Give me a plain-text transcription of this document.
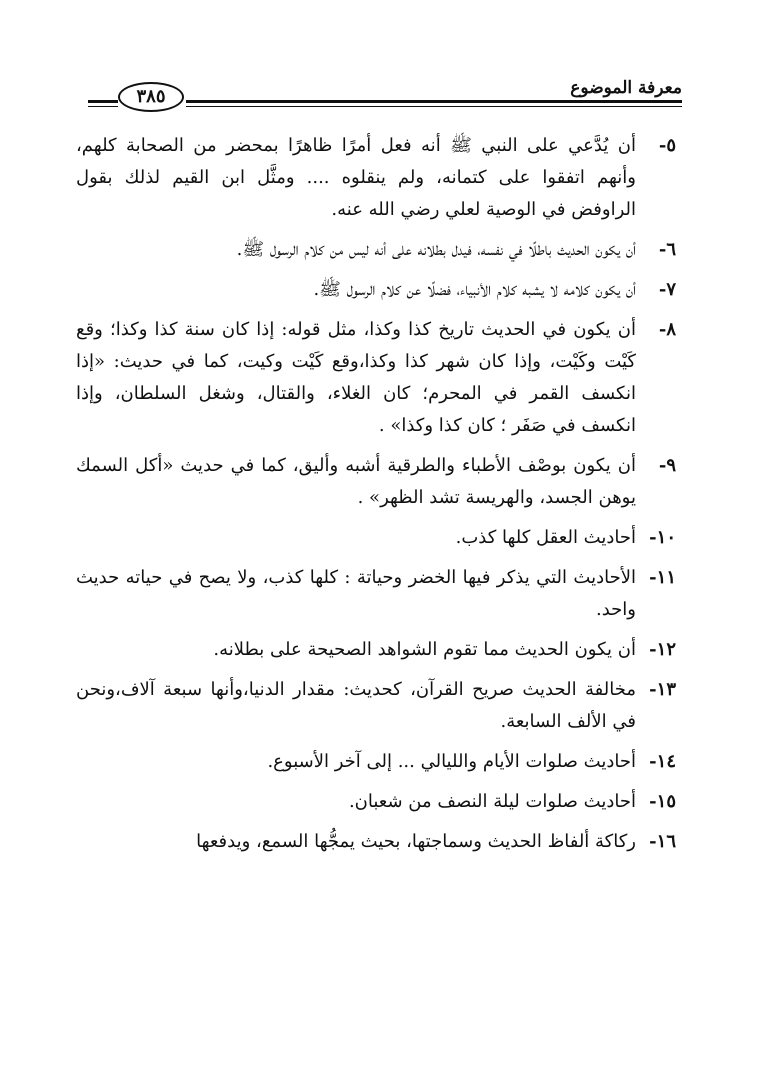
٣٨٥	معرفة الموضوع
٥-
أن يُدَّعي على النبي ﷺ أنه فعل أمرًا ظاهرًا بمحضر من الصحابة كلهم، وأنهم اتفقوا على كتمانه، ولم ينقلوه .... ومثَّل ابن القيم لذلك بقول الراوفض في الوصية لعلي رضي الله عنه.
٦-
أن يكون الحديث باطلًا في نفسه، فيدل بطلانه على أنه ليس من كلام الرسول ﷺ.
٧-
أن يكون كلامه لا يشبه كلام الأنبياء، فضلًا عن كلام الرسول ﷺ.
٨-
أن يكون في الحديث تاريخ كذا وكذا، مثل قوله: إذا كان سنة كذا وكذا؛ وقع كَيْت وكَيْت، وإذا كان شهر كذا وكذا،وقع كَيْت وكيت، كما في حديث: «إذا انكسف القمر في المحرم؛ كان الغلاء، والقتال، وشغل السلطان، وإذا انكسف في صَفَر ؛ كان كذا وكذا» .
٩-
أن يكون بوصْف الأطباء والطرقية أشبه وأليق، كما في حديث «أكل السمك يوهن الجسد، والهريسة تشد الظهر» .
١٠-
أحاديث العقل كلها كذب.
١١-
الأحاديث التي يذكر فيها الخضر وحياتة : كلها كذب، ولا يصح في حياته حديث واحد.
١٢-
أن يكون الحديث مما تقوم الشواهد الصحيحة على بطلانه.
١٣-
مخالفة الحديث صريح القرآن، كحديث: مقدار الدنيا،وأنها سبعة آلاف،ونحن في الألف السابعة.
١٤-
أحاديث صلوات الأيام والليالي ... إلى آخر الأسبوع.
١٥-
أحاديث صلوات ليلة النصف من شعبان.
١٦-
ركاكة ألفاظ الحديث وسماجتها، بحيث يمجُّها السمع، ويدفعها
